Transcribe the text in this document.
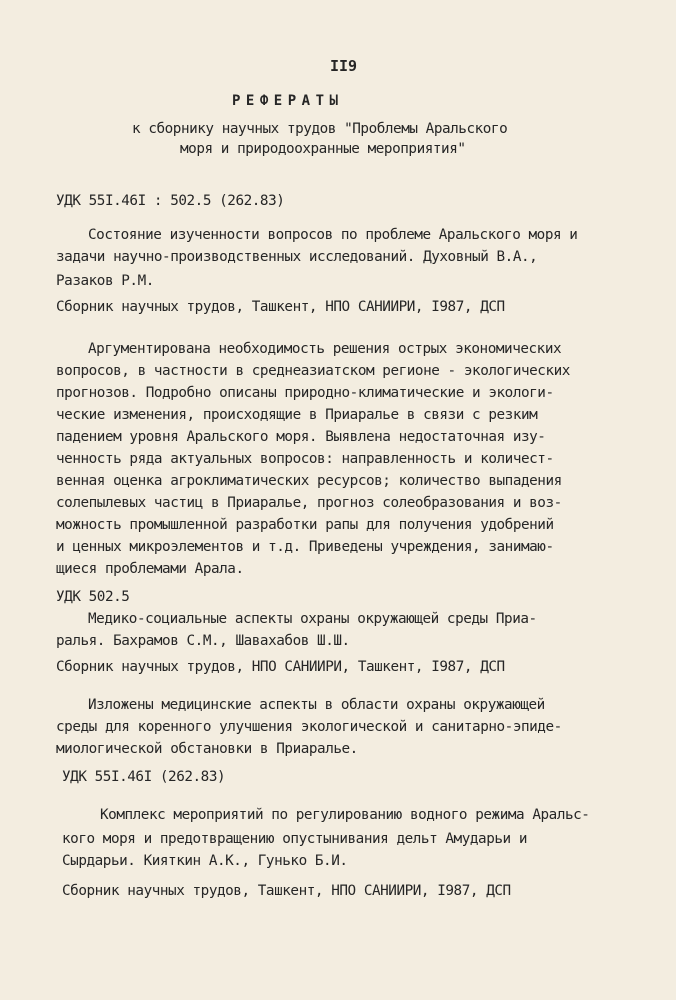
II9
РЕФЕРАТЫ
к сборнику научных трудов "Проблемы Аральского
моря и природоохранные мероприятия"
УДК 55I.46I : 502.5 (262.83)
Состояние изученности вопросов по проблеме Аральского моря и
задачи научно-производственных исследований. Духовный В.А.,
Разаков Р.М.
Сборник научных трудов, Ташкент, НПО САНИИРИ, I987, ДСП
Аргументирована необходимость решения острых экономических
вопросов, в частности в среднеазиатском регионе - экологических
прогнозов. Подробно описаны природно-климатические и экологи-
ческие изменения, происходящие в Приаралье в связи с резким
падением уровня Аральского моря. Выявлена недостаточная изу-
ченность ряда актуальных вопросов: направленность и количест-
венная оценка агроклиматических ресурсов; количество выпадения
солепылевых частиц в Приаралье, прогноз солеобразования и воз-
можность промышленной разработки рапы для получения удобрений
и ценных микроэлементов и т.д. Приведены учреждения, занимаю-
щиеся проблемами Арала.
УДК 502.5
Медико-социальные аспекты охраны окружающей среды Приа-
ралья. Бахрамов С.М., Шавахабов Ш.Ш.
Сборник научных трудов, НПО САНИИРИ, Ташкент, I987, ДСП
Изложены медицинские аспекты в области охраны окружающей
среды для коренного улучшения экологической и санитарно-эпиде-
миологической обстановки в Приаралье.
УДК 55I.46I (262.83)
Комплекс мероприятий по регулированию водного режима Аральс-
кого моря и предотвращению опустынивания дельт Амударьи и
Сырдарьи. Кияткин А.К., Гунько Б.И.
Сборник научных трудов, Ташкент, НПО САНИИРИ, I987, ДСП
